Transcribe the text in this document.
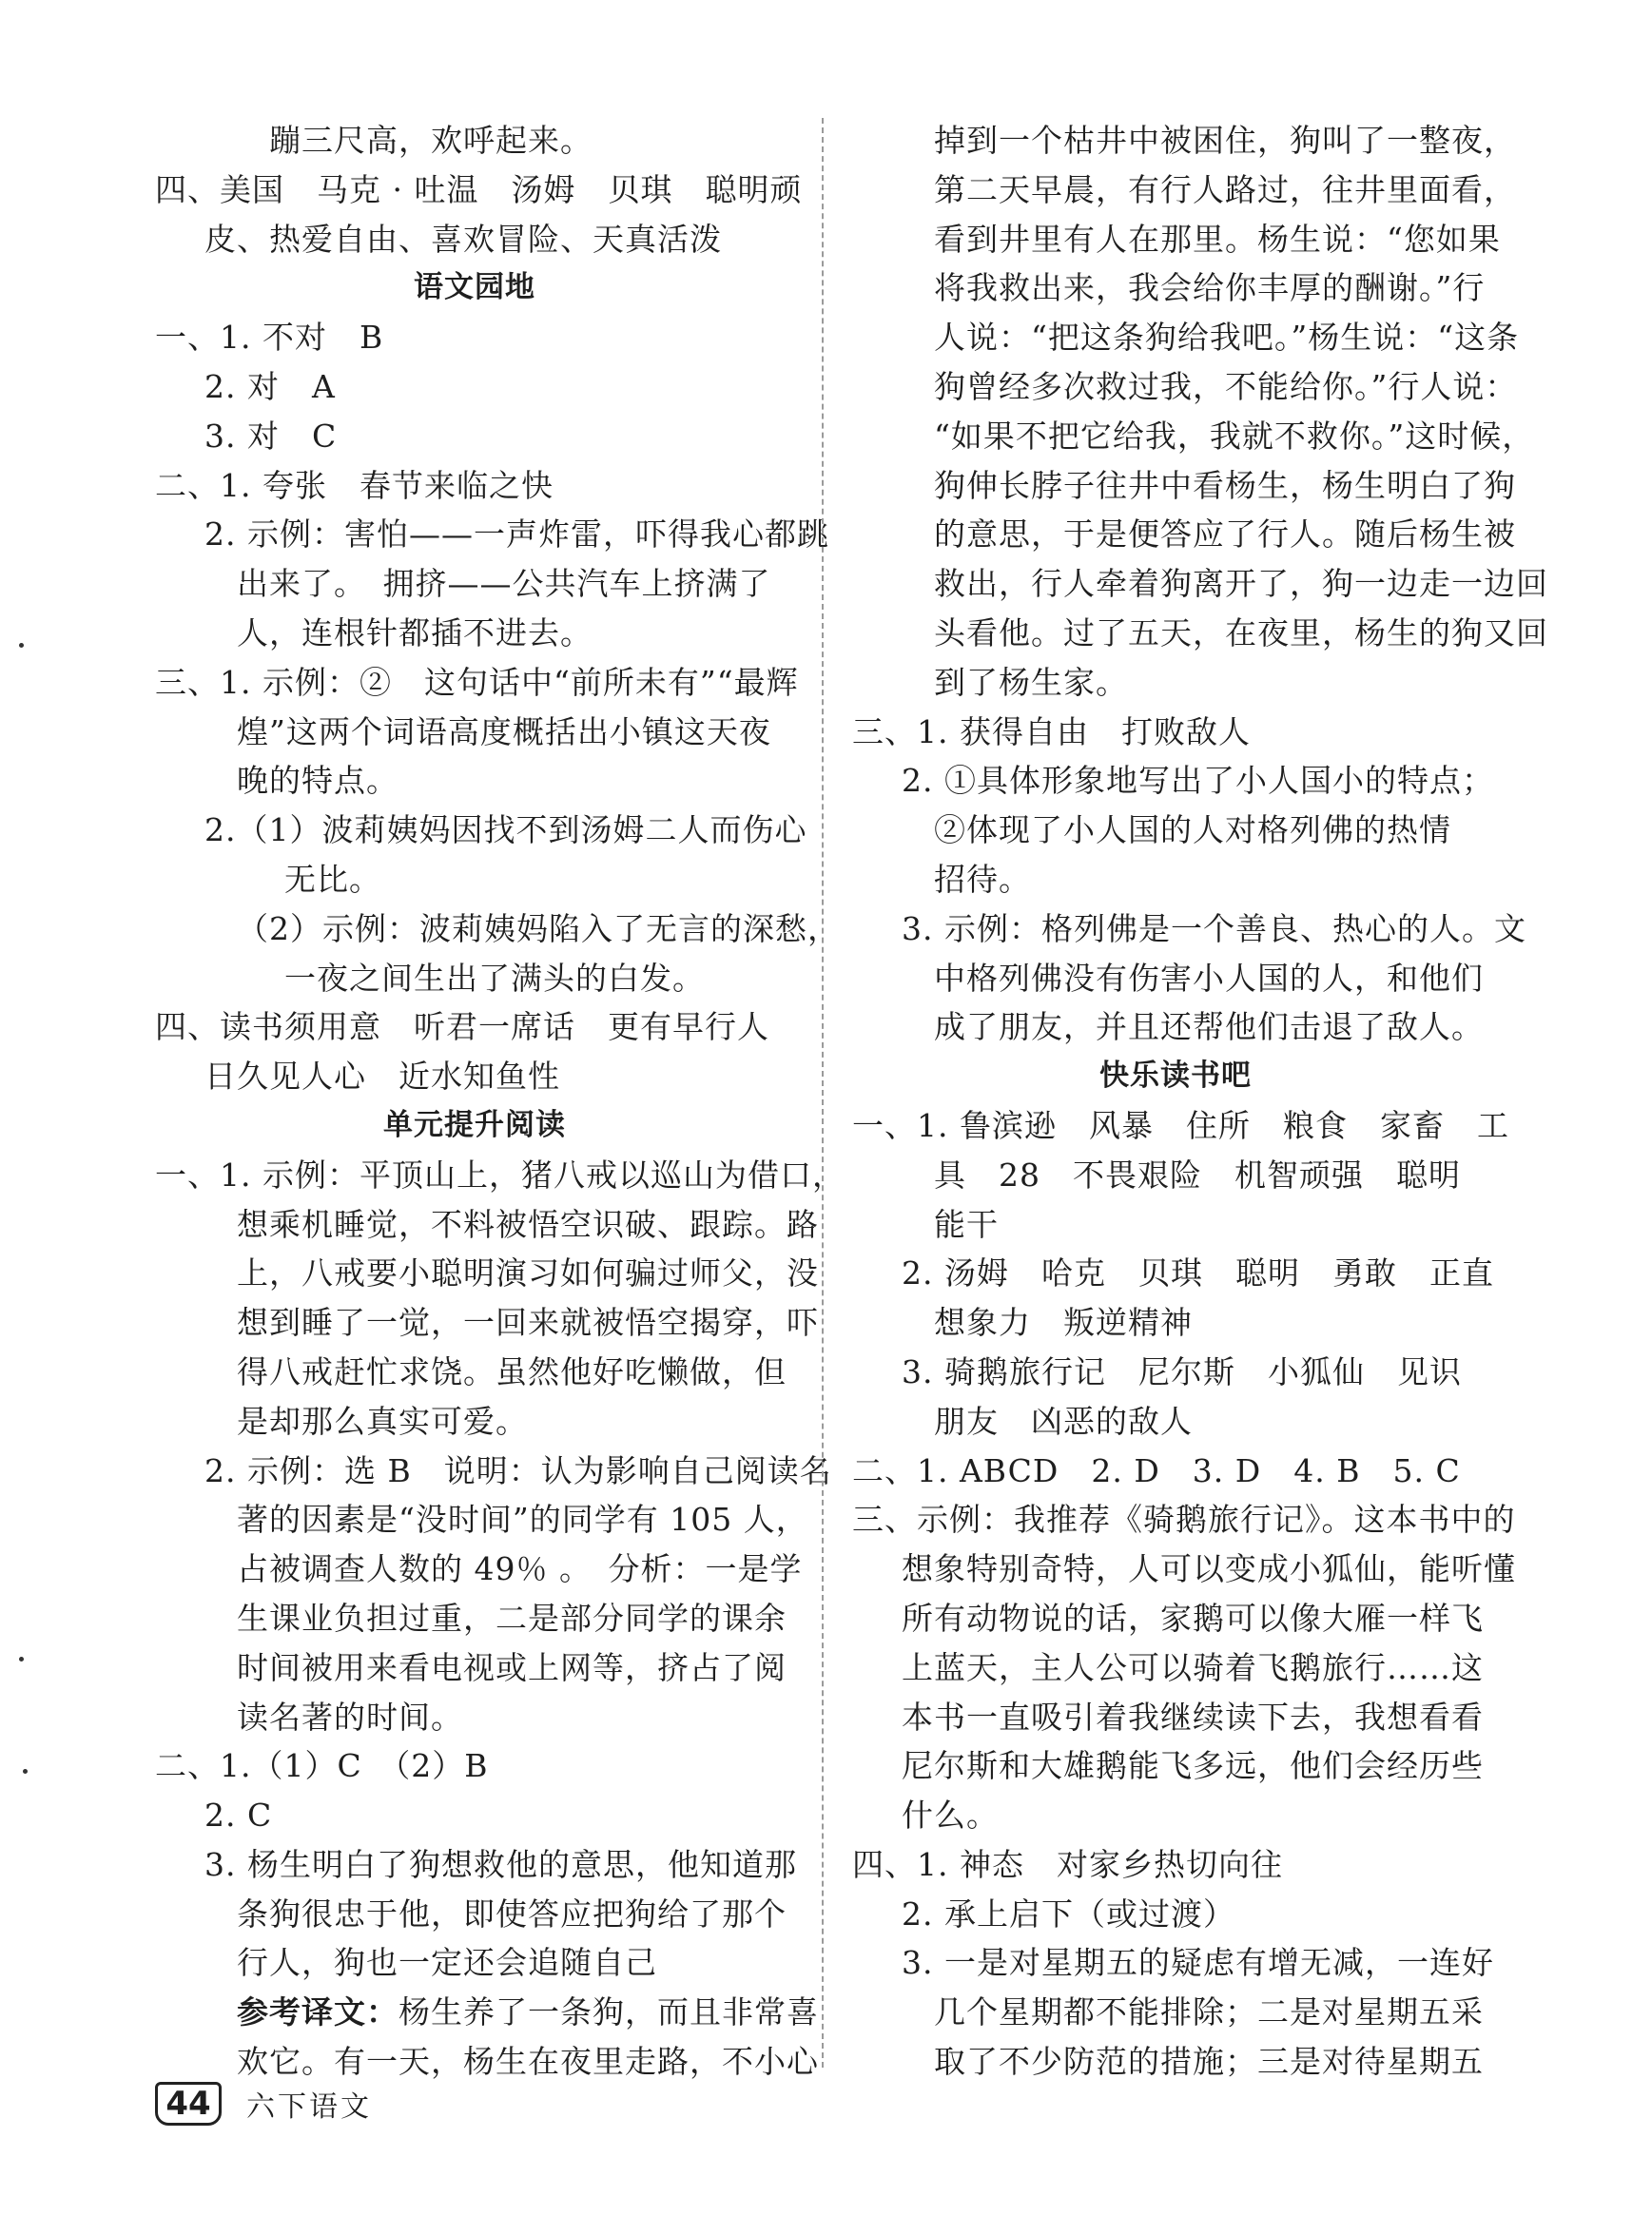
蹦三尺高，欢呼起来。
四、美国　马克 · 吐温　汤姆　贝琪　聪明顽
皮、热爱自由、喜欢冒险、天真活泼
语文园地
一、1. 不对　B
2. 对　A
3. 对　C
二、1. 夸张　春节来临之快
2. 示例：害怕——一声炸雷，吓得我心都跳
出来了。　拥挤——公共汽车上挤满了
人，连根针都插不进去。
三、1. 示例：②　这句话中“前所未有”“最辉
煌”这两个词语高度概括出小镇这天夜
晚的特点。
2.（1）波莉姨妈因找不到汤姆二人而伤心
无比。
（2）示例：波莉姨妈陷入了无言的深愁，
一夜之间生出了满头的白发。
四、读书须用意　听君一席话　更有早行人
日久见人心　近水知鱼性
单元提升阅读
一、1. 示例：平顶山上，猪八戒以巡山为借口，
想乘机睡觉，不料被悟空识破、跟踪。路
上，八戒要小聪明演习如何骗过师父，没
想到睡了一觉，一回来就被悟空揭穿，吓
得八戒赶忙求饶。虽然他好吃懒做，但
是却那么真实可爱。
2. 示例：选 B　说明：认为影响自己阅读名
著的因素是“没时间”的同学有 105 人，
占被调查人数的 49％ 。　分析：一是学
生课业负担过重，二是部分同学的课余
时间被用来看电视或上网等，挤占了阅
读名著的时间。
二、1.（1）C　（2）B
2. C
3. 杨生明白了狗想救他的意思，他知道那
条狗很忠于他，即使答应把狗给了那个
行人，狗也一定还会追随自己
参考译文：杨生养了一条狗，而且非常喜
欢它。有一天，杨生在夜里走路，不小心
掉到一个枯井中被困住，狗叫了一整夜，
第二天早晨，有行人路过，往井里面看，
看到井里有人在那里。杨生说：“您如果
将我救出来，我会给你丰厚的酬谢。”行
人说：“把这条狗给我吧。”杨生说：“这条
狗曾经多次救过我，不能给你。”行人说：
“如果不把它给我，我就不救你。”这时候，
狗伸长脖子往井中看杨生，杨生明白了狗
的意思，于是便答应了行人。随后杨生被
救出，行人牵着狗离开了，狗一边走一边回
头看他。过了五天，在夜里，杨生的狗又回
到了杨生家。
三、1. 获得自由　打败敌人
2. ①具体形象地写出了小人国小的特点；
②体现了小人国的人对格列佛的热情
招待。
3. 示例：格列佛是一个善良、热心的人。文
中格列佛没有伤害小人国的人，和他们
成了朋友，并且还帮他们击退了敌人。
快乐读书吧
一、1. 鲁滨逊　风暴　住所　粮食　家畜　工
具　28　不畏艰险　机智顽强　聪明
能干
2. 汤姆　哈克　贝琪　聪明　勇敢　正直
想象力　叛逆精神
3. 骑鹅旅行记　尼尔斯　小狐仙　见识
朋友　凶恶的敌人
二、1. ABCD　2. D　3. D　4. B　5. C
三、示例：我推荐《骑鹅旅行记》。这本书中的
想象特别奇特，人可以变成小狐仙，能听懂
所有动物说的话，家鹅可以像大雁一样飞
上蓝天，主人公可以骑着飞鹅旅行……这
本书一直吸引着我继续读下去，我想看看
尼尔斯和大雄鹅能飞多远，他们会经历些
什么。
四、1. 神态　对家乡热切向往
2. 承上启下（或过渡）
3. 一是对星期五的疑虑有增无减，一连好
几个星期都不能排除；二是对星期五采
取了不少防范的措施；三是对待星期五
44	六下语文
